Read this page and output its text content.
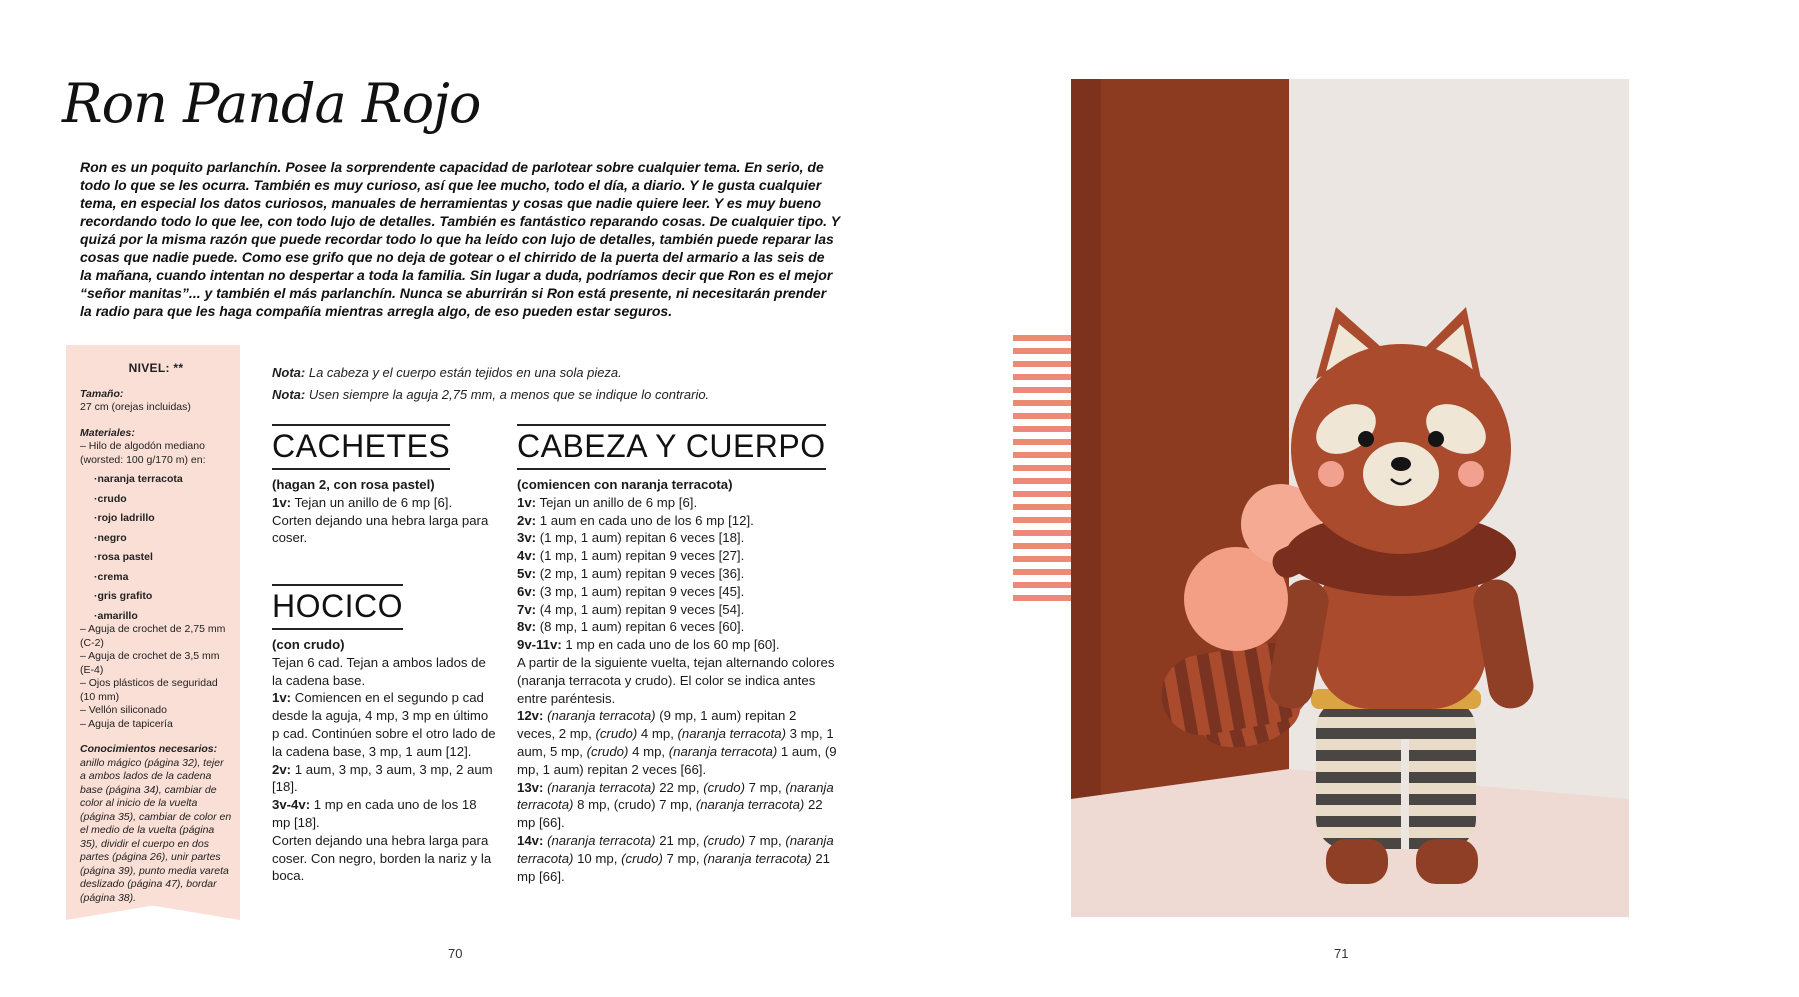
Ron Panda Rojo

Ron es un poquito parlanchín. Posee la sorprendente capacidad de parlotear sobre cualquier tema. En serio, de todo lo que se les ocurra. También es muy curioso, así que lee mucho, todo el día, a diario. Y le gusta cualquier tema, en especial los datos curiosos, manuales de herramientas y cosas que nadie quiere leer. Y es muy bueno recordando todo lo que lee, con todo lujo de detalles. También es fantástico reparando cosas. De cualquier tipo. Y quizá por la misma razón que puede recordar todo lo que ha leído con lujo de detalles, también puede reparar las cosas que nadie puede. Como ese grifo que no deja de gotear o el chirrido de la puerta del armario a las seis de la mañana, cuando intentan no despertar a toda la familia. Sin lugar a duda, podríamos decir que Ron es el mejor “señor manitas”... y también el más parlanchín. Nunca se aburrirán si Ron está presente, ni necesitarán prender la radio para que les haga compañía mientras arregla algo, de eso pueden estar seguros.

NIVEL: **
Tamaño:
27 cm (orejas incluidas)
Materiales:
– Hilo de algodón mediano (worsted: 100 g/170 m) en:
·naranja terracota
·crudo
·rojo ladrillo
·negro
·rosa pastel
·crema
·gris grafito
·amarillo
– Aguja de crochet de 2,75 mm (C-2)
– Aguja de crochet de 3,5 mm (E-4)
– Ojos plásticos de seguridad (10 mm)
– Vellón siliconado
– Aguja de tapicería
Conocimientos necesarios:
anillo mágico (página 32), tejer a ambos lados de la cadena base (página 34), cambiar de color al inicio de la vuelta (página 35), cambiar de color en el medio de la vuelta (página 35), dividir el cuerpo en dos partes (página 26), unir partes (página 39), punto media vareta deslizado (página 47), bordar (página 38).
Nota: La cabeza y el cuerpo están tejidos en una sola pieza.
Nota: Usen siempre la aguja 2,75 mm, a menos que se indique lo contrario.
CACHETES
(hagan 2, con rosa pastel)

1v: Tejan un anillo de 6 mp [6].

Corten dejando una hebra larga para coser.

HOCICO
(con crudo)

Tejan 6 cad. Tejan a ambos lados de la cadena base.

1v: Comiencen en el segundo p cad desde la aguja, 4 mp, 3 mp en último p cad. Continúen sobre el otro lado de la cadena base, 3 mp, 1 aum [12].

2v: 1 aum, 3 mp, 3 aum, 3 mp, 2 aum [18].

3v-4v: 1 mp en cada uno de los 18 mp [18].

Corten dejando una hebra larga para coser. Con negro, borden la nariz y la boca.

CABEZA Y CUERPO
(comiencen con naranja terracota)

1v: Tejan un anillo de 6 mp [6].

2v: 1 aum en cada uno de los 6 mp [12].

3v: (1 mp, 1 aum) repitan 6 veces [18].

4v: (1 mp, 1 aum) repitan 9 veces [27].

5v: (2 mp, 1 aum) repitan 9 veces [36].

6v: (3 mp, 1 aum) repitan 9 veces [45].

7v: (4 mp, 1 aum) repitan 9 veces [54].

8v: (8 mp, 1 aum) repitan 6 veces [60].

9v-11v: 1 mp en cada uno de los 60 mp [60].

A partir de la siguiente vuelta, tejan alternando colores (naranja terracota y crudo). El color se indica antes entre paréntesis.

12v: (naranja terracota) (9 mp, 1 aum) repitan 2 veces, 2 mp, (crudo) 4 mp, (naranja terracota) 3 mp, 1 aum, 5 mp, (crudo) 4 mp, (naranja terracota) 1 aum, (9 mp, 1 aum) repitan 2 veces [66].

13v: (naranja terracota) 22 mp, (crudo) 7 mp, (naranja terracota) 8 mp, (crudo) 7 mp, (naranja terracota) 22 mp [66].

14v: (naranja terracota) 21 mp, (crudo) 7 mp, (naranja terracota) 10 mp, (crudo) 7 mp, (naranja terracota) 21 mp [66].

70	71
